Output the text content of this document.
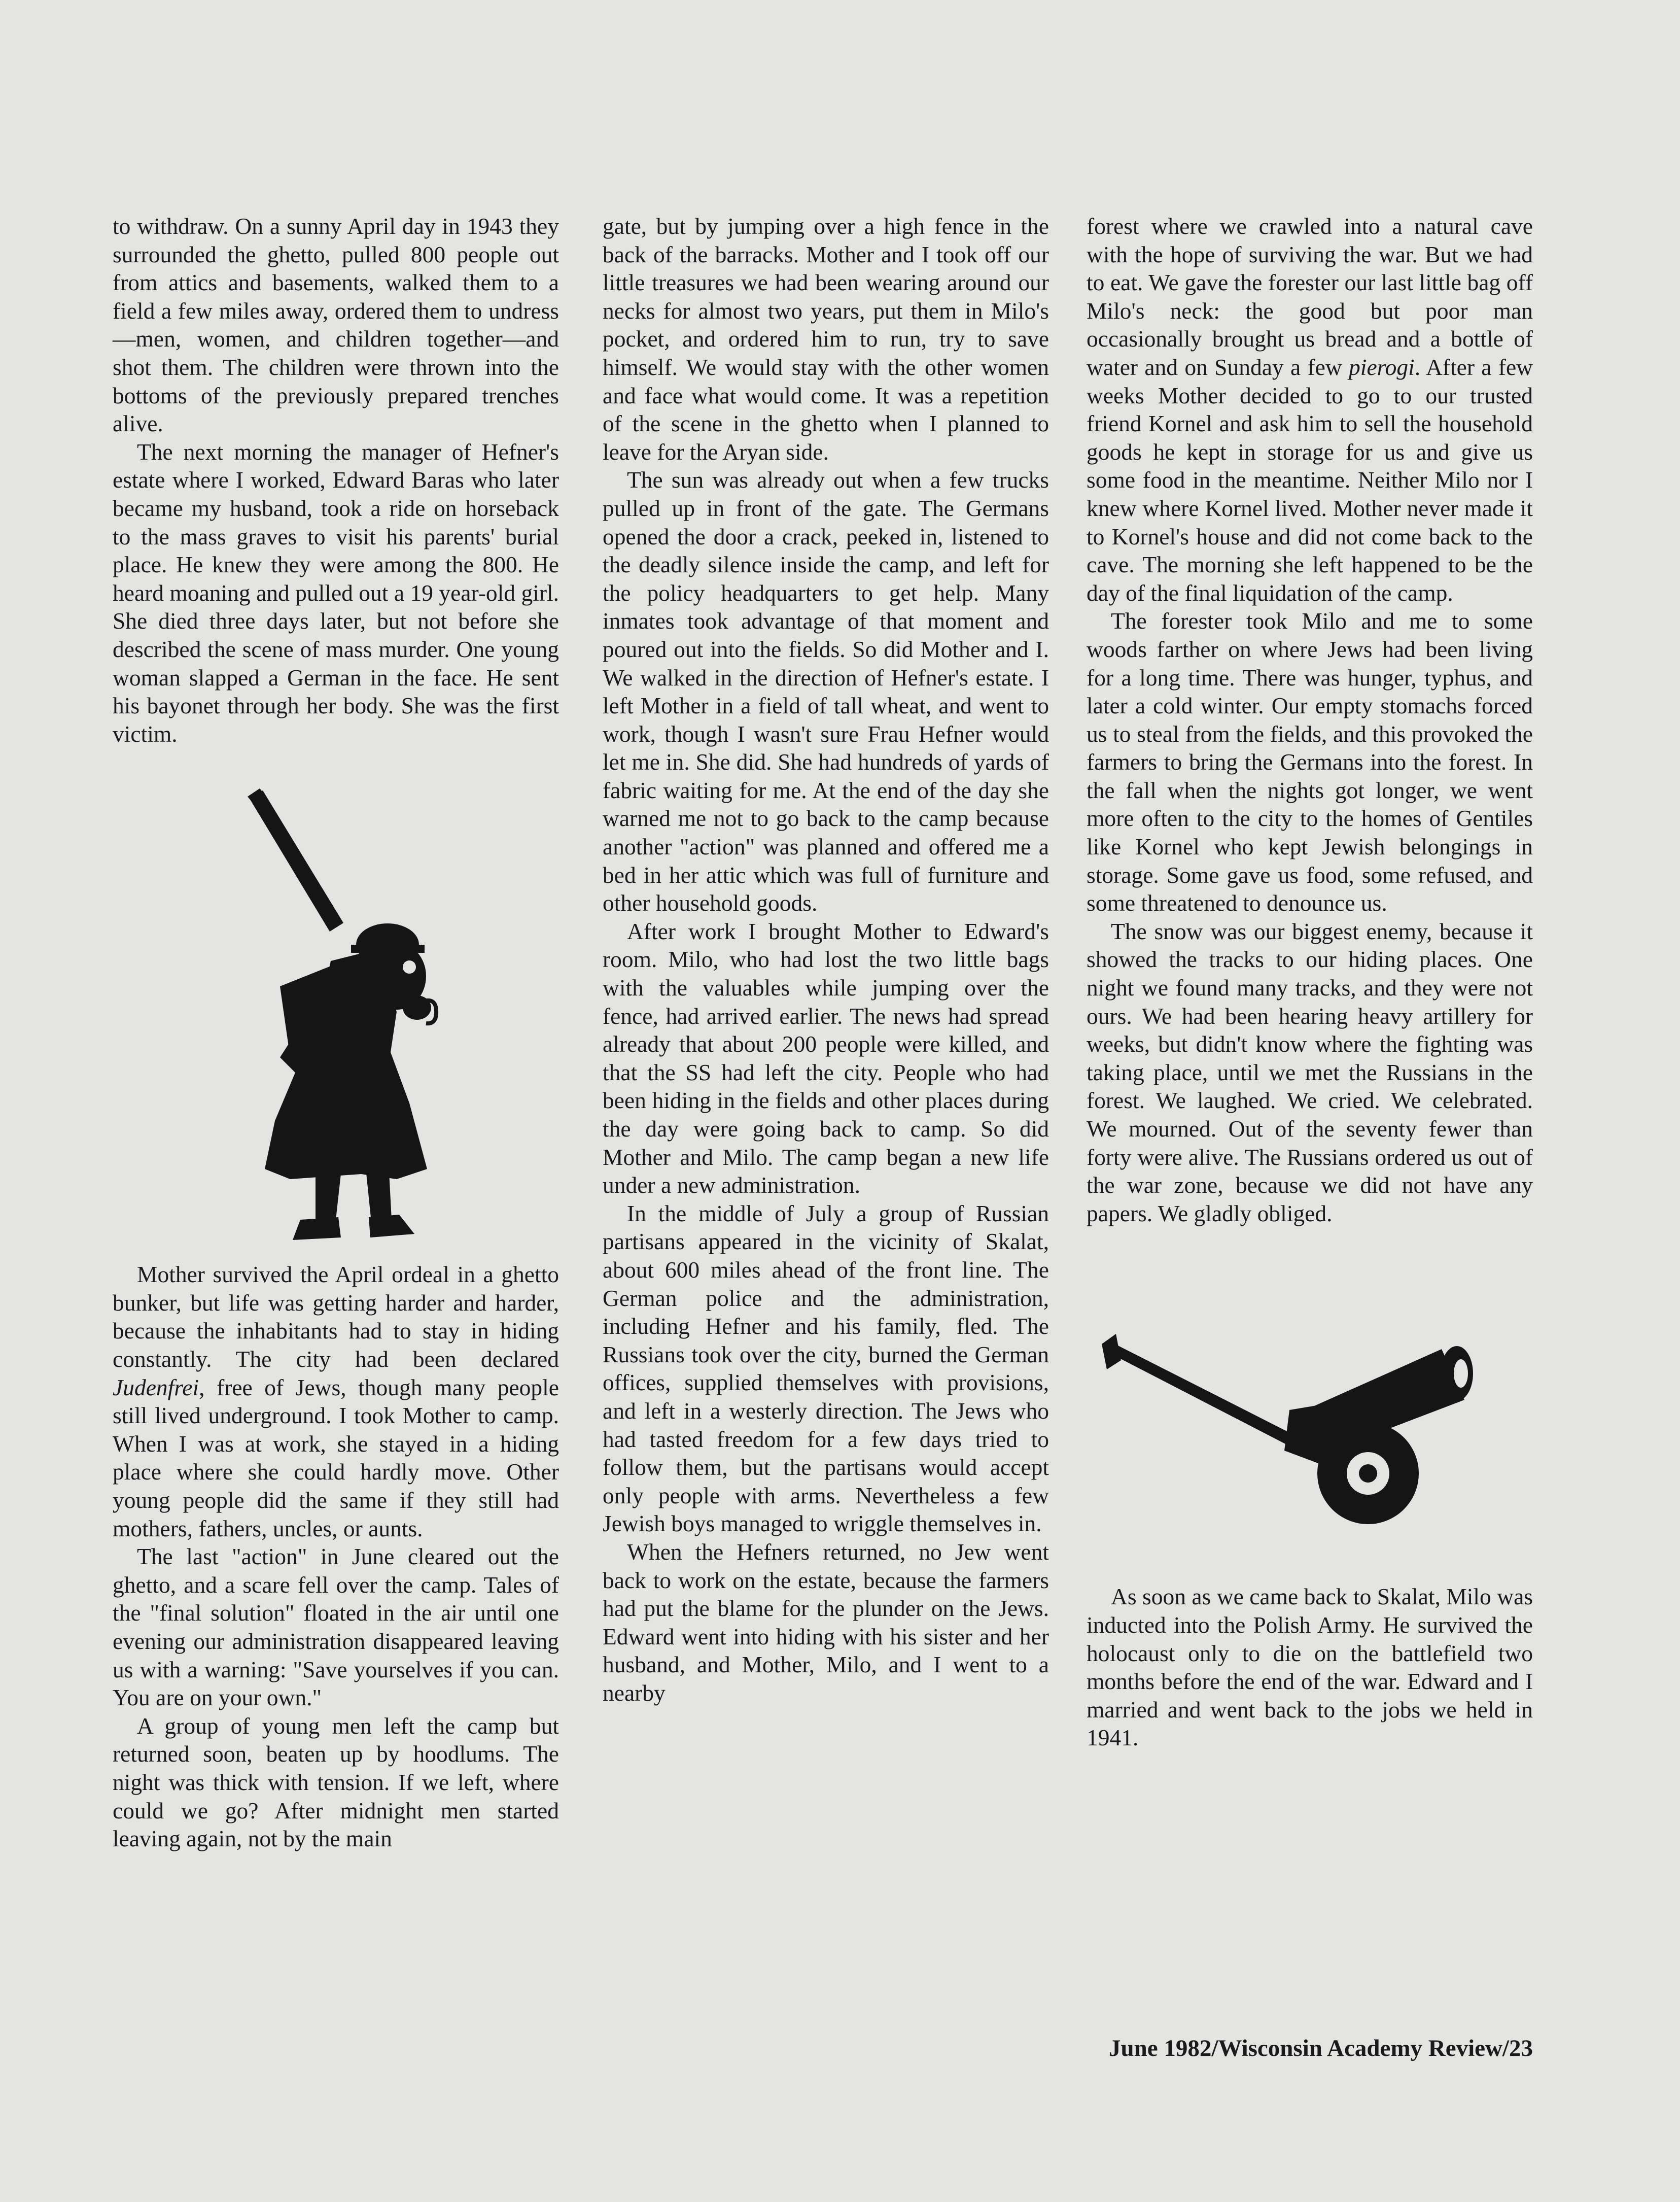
to withdraw. On a sunny April day in 1943 they surrounded the ghetto, pulled 800 people out from attics and basements, walked them to a field a few miles away, ordered them to undress—men, women, and children together—and shot them. The children were thrown into the bottoms of the previously prepared trenches alive.

The next morning the manager of Hefner's estate where I worked, Edward Baras who later became my husband, took a ride on horseback to the mass graves to visit his parents' burial place. He knew they were among the 800. He heard moaning and pulled out a 19 year-old girl. She died three days later, but not before she described the scene of mass murder. One young woman slapped a German in the face. He sent his bayonet through her body. She was the first victim.

Mother survived the April ordeal in a ghetto bunker, but life was getting harder and harder, because the inhabitants had to stay in hiding constantly. The city had been declared Judenfrei, free of Jews, though many people still lived underground. I took Mother to camp. When I was at work, she stayed in a hiding place where she could hardly move. Other young people did the same if they still had mothers, fathers, uncles, or aunts.

The last "action" in June cleared out the ghetto, and a scare fell over the camp. Tales of the "final solution" floated in the air until one evening our administration disappeared leaving us with a warning: "Save yourselves if you can. You are on your own."

A group of young men left the camp but returned soon, beaten up by hoodlums. The night was thick with tension. If we left, where could we go? After midnight men started leaving again, not by the main

gate, but by jumping over a high fence in the back of the barracks. Mother and I took off our little treasures we had been wearing around our necks for almost two years, put them in Milo's pocket, and ordered him to run, try to save himself. We would stay with the other women and face what would come. It was a repetition of the scene in the ghetto when I planned to leave for the Aryan side.

The sun was already out when a few trucks pulled up in front of the gate. The Germans opened the door a crack, peeked in, listened to the deadly silence inside the camp, and left for the policy headquarters to get help. Many inmates took advantage of that moment and poured out into the fields. So did Mother and I. We walked in the direction of Hefner's estate. I left Mother in a field of tall wheat, and went to work, though I wasn't sure Frau Hefner would let me in. She did. She had hundreds of yards of fabric waiting for me. At the end of the day she warned me not to go back to the camp because another "action" was planned and offered me a bed in her attic which was full of furniture and other household goods.

After work I brought Mother to Edward's room. Milo, who had lost the two little bags with the valuables while jumping over the fence, had arrived earlier. The news had spread already that about 200 people were killed, and that the SS had left the city. People who had been hiding in the fields and other places during the day were going back to camp. So did Mother and Milo. The camp began a new life under a new administration.

In the middle of July a group of Russian partisans appeared in the vicinity of Skalat, about 600 miles ahead of the front line. The German police and the administration, including Hefner and his family, fled. The Russians took over the city, burned the German offices, supplied themselves with provisions, and left in a westerly direction. The Jews who had tasted freedom for a few days tried to follow them, but the partisans would accept only people with arms. Nevertheless a few Jewish boys managed to wriggle themselves in.

When the Hefners returned, no Jew went back to work on the estate, because the farmers had put the blame for the plunder on the Jews. Edward went into hiding with his sister and her husband, and Mother, Milo, and I went to a nearby

forest where we crawled into a natural cave with the hope of surviving the war. But we had to eat. We gave the forester our last little bag off Milo's neck: the good but poor man occasionally brought us bread and a bottle of water and on Sunday a few pierogi. After a few weeks Mother decided to go to our trusted friend Kornel and ask him to sell the household goods he kept in storage for us and give us some food in the meantime. Neither Milo nor I knew where Kornel lived. Mother never made it to Kornel's house and did not come back to the cave. The morning she left happened to be the day of the final liquidation of the camp.

The forester took Milo and me to some woods farther on where Jews had been living for a long time. There was hunger, typhus, and later a cold winter. Our empty stomachs forced us to steal from the fields, and this provoked the farmers to bring the Germans into the forest. In the fall when the nights got longer, we went more often to the city to the homes of Gentiles like Kornel who kept Jewish belongings in storage. Some gave us food, some refused, and some threatened to denounce us.

The snow was our biggest enemy, because it showed the tracks to our hiding places. One night we found many tracks, and they were not ours. We had been hearing heavy artillery for weeks, but didn't know where the fighting was taking place, until we met the Russians in the forest. We laughed. We cried. We celebrated. We mourned. Out of the seventy fewer than forty were alive. The Russians ordered us out of the war zone, because we did not have any papers. We gladly obliged.

As soon as we came back to Skalat, Milo was inducted into the Polish Army. He survived the holocaust only to die on the battlefield two months before the end of the war. Edward and I married and went back to the jobs we held in 1941.

June 1982/Wisconsin Academy Review/23
